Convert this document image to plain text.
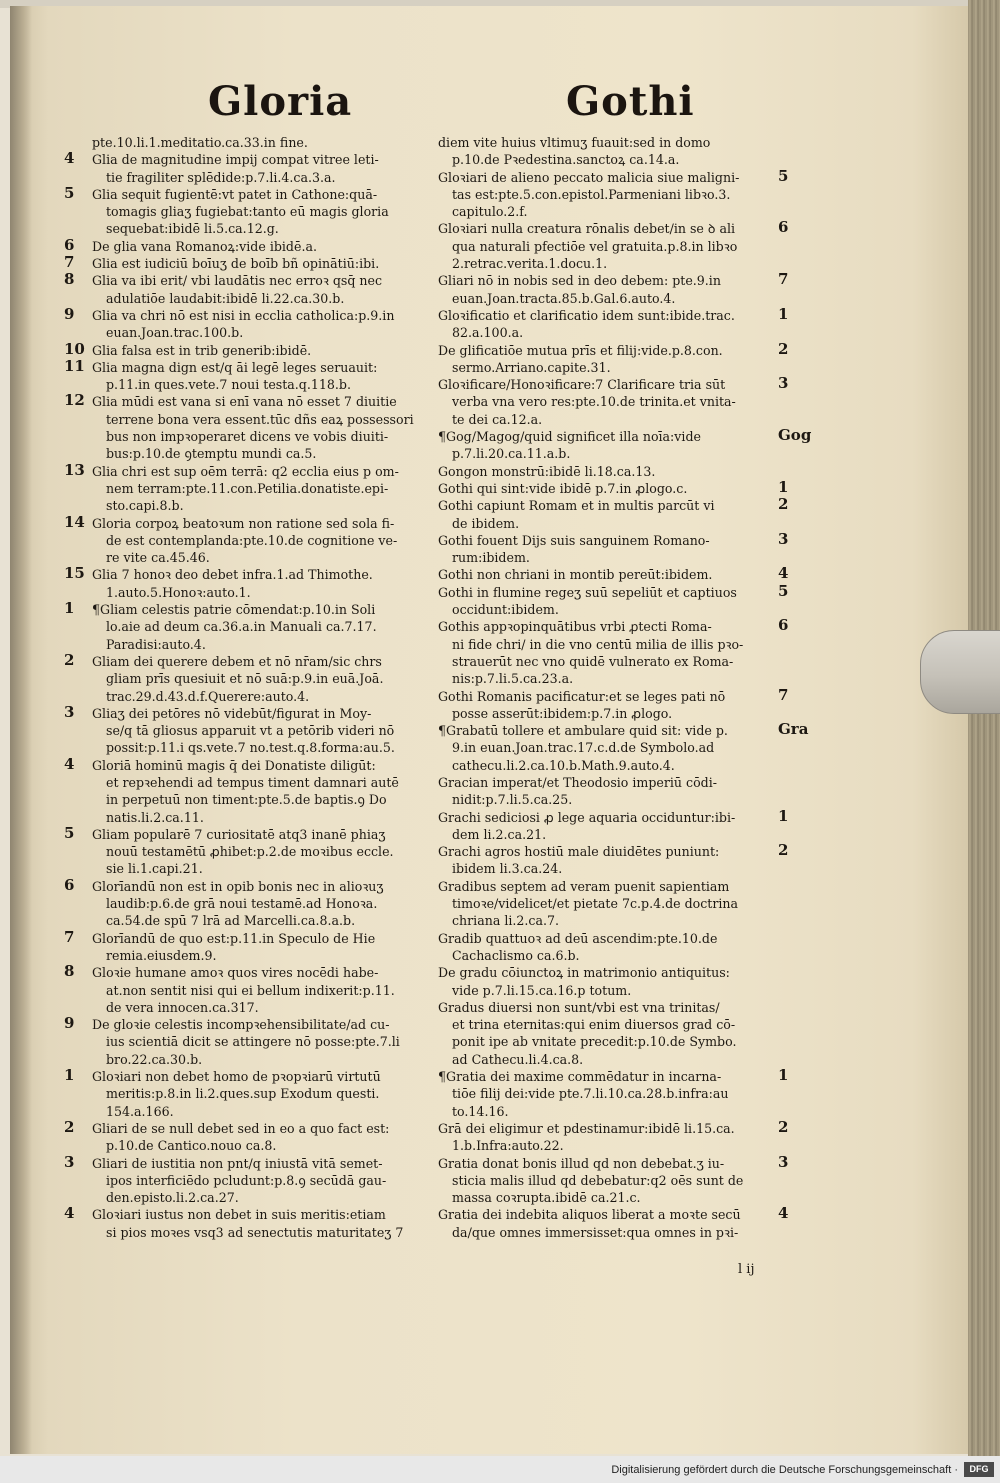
Gloria	Gothi
pte.10.li.1.meditatio.ca.33.in fine.
4 Glia de magnitudine impij compat vitree leti-
tie fragiliter splēdide:p.7.li.4.ca.3.a.
5 Glia sequit fugientē:vt patet in Cathone:quā-
tomagis gliaʒ fugiebat:tanto eū magis gloria
sequebat:ibidē li.5.ca.12.g.
6 De glia vana Romanoꝝ:vide ibidē.a.
7 Glia est iudiciū boīuʒ de boīb bñ opinātiū:ibi.
8 Glia va ibi erit/ vbi laudātis nec erroꝛ qsq̄ nec
adulatiōe laudabit:ibidē li.22.ca.30.b.
9 Glia va chri nō est nisi in ecclia catholica:p.9.in
euan.Joan.trac.100.b.
10 Glia falsa est in trib generib:ibidē.
11 Glia magna dign est/q āi legē leges seruauit:
p.11.in ques.vete.7 noui testa.q.118.b.
12 Glia mūdi est vana si enī vana nō esset 7 diuitie
terrene bona vera essent.tūc dñs eaꝝ possessori
bus non impꝛoperaret dicens ve vobis diuiti-
bus:p.10.de ꝯtemptu mundi ca.5.
13 Glia chri est sup oēm terrā: q2 ecclia eius p om-
nem terram:pte.11.con.Petilia.donatiste.epi-
sto.capi.8.b.
14 Gloria corpoꝝ beatoꝛum non ratione sed sola fi-
de est contemplanda:pte.10.de cognitione ve-
re vite ca.45.46.
15 Glia 7 honoꝛ deo debet infra.1.ad Thimothe.
1.auto.5.Honoꝛ:auto.1.
1 ¶Gliam celestis patrie cōmendat:p.10.in Soli
lo.aie ad deum ca.36.a.in Manuali ca.7.17.
Paradisi:auto.4.
2 Gliam dei querere debem et nō nr̄am/sic chrs
gliam prīs quesiuit et nō suā:p.9.in euā.Joā.
trac.29.d.43.d.f.Querere:auto.4.
3 Gliaʒ dei petōres nō videbūt/figurat in Moy-
se/q tā gliosus apparuit vt a petōrib videri nō
possit:p.11.i qs.vete.7 no.test.q.8.forma:au.5.
4 Gloriā hominū magis q̄ dei Donatiste diligūt:
et repꝛehendi ad tempus timent damnari autē
in perpetuū non timent:pte.5.de baptis.ꝯ Do
natis.li.2.ca.11.
5 Gliam popularē 7 curiositatē atq3 inanē phiaʒ
nouū testamētū ꝓhibet:p.2.de moꝛibus eccle.
sie li.1.capi.21.
6 Glorīandū non est in opib bonis nec in alioꝛuʒ
laudib:p.6.de grā noui testamē.ad Honoꝛa.
ca.54.de spū 7 lrā ad Marcelli.ca.8.a.b.
7 Glorīandū de quo est:p.11.in Speculo de Hie
remia.eiusdem.9.
8 Gloꝛie humane amoꝛ quos vires nocēdi habe-
at.non sentit nisi qui ei bellum indixerit:p.11.
de vera innocen.ca.317.
9 De gloꝛie celestis incompꝛehensibilitate/ad cu-
ius scientiā dicit se attingere nō posse:pte.7.li
bro.22.ca.30.b.
1 Gloꝛiari non debet homo de pꝛopꝛiarū virtutū
meritis:p.8.in li.2.ques.sup Exodum questi.
154.a.166.
2 Gliari de se null debet sed in eo a quo fact est:
p.10.de Cantico.nouo ca.8.
3 Gliari de iustitia non pnt/q iniustā vitā semet-
ipos interficiēdo pcludunt:p.8.ꝯ secūdā gau-
den.episto.li.2.ca.27.
4 Gloꝛiari iustus non debet in suis meritis:etiam
si pios moꝛes vsq3 ad senectutis maturitateʒ 7
diem vite huius vltimuʒ fuauit:sed in domo
p.10.de Pꝛedestina.sanctoꝝ ca.14.a.
5
Gloꝛiari de alieno peccato malicia siue maligni-
tas est:pte.5.con.epistol.Parmeniani libꝛo.3.
capitulo.2.f.
6
Gloꝛiari nulla creatura rōnalis debet/in se ꝺ ali
qua naturali pfectiōe vel gratuita.p.8.in libꝛo
2.retrac.verita.1.docu.1.
7
Gliari nō in nobis sed in deo debem: pte.9.in
euan.Joan.tracta.85.b.Gal.6.auto.4.
1
Gloꝛificatio et clarificatio idem sunt:ibide.trac.
82.a.100.a.
2
De glificatiōe mutua prīs et filij:vide.p.8.con.
sermo.Arriano.capite.31.
3
Gloꝛificare/Honoꝛificare:7 Clarificare tria sūt
verba vna vero res:pte.10.de trinita.et vnita-
te dei ca.12.a.
Gog
¶Gog/Magog/quid significet illa noīa:vide
p.7.li.20.ca.11.a.b.
Gongon monstrū:ibidē li.18.ca.13.
1
Gothi qui sint:vide ibidē p.7.in ꝓlogo.c.
2
Gothi capiunt Romam et in multis parcūt vi
de ibidem.
3
Gothi fouent Dijs suis sanguinem Romano-
rum:ibidem.
4
Gothi non chriani in montib pereūt:ibidem.
5
Gothi in flumine regeʒ suū sepeliūt et captiuos
occidunt:ibidem.
6
Gothis appꝛopinquātibus vrbi ꝓtecti Roma-
ni fide chri/ in die vno centū milia de illis pꝛo-
strauerūt nec vno quidē vulnerato ex Roma-
nis:p.7.li.5.ca.23.a.
7
Gothi Romanis pacificatur:et se leges pati nō
posse asserūt:ibidem:p.7.in ꝓlogo.
Gra
¶Grabatū tollere et ambulare quid sit: vide p.
9.in euan.Joan.trac.17.c.d.de Symbolo.ad
cathecu.li.2.ca.10.b.Math.9.auto.4.
Gracian imperat/et Theodosio imperiū cōdi-
nidit:p.7.li.5.ca.25.
1
Grachi sediciosi ꝓ lege aquaria occiduntur:ibi-
dem li.2.ca.21.
2
Grachi agros hostiū male diuidētes puniunt:
ibidem li.3.ca.24.
Gradibus septem ad veram puenit sapientiam
timoꝛe/videlicet/et pietate 7c.p.4.de doctrina
chriana li.2.ca.7.
Gradib quattuoꝛ ad deū ascendim:pte.10.de
Cachaclismo ca.6.b.
De gradu cōiunctoꝝ in matrimonio antiquitus:
vide p.7.li.15.ca.16.p totum.
Gradus diuersi non sunt/vbi est vna trinitas/
et trina eternitas:qui enim diuersos grad cō-
ponit ipe ab vnitate precedit:p.10.de Symbo.
ad Cathecu.li.4.ca.8.
1
¶Gratia dei maxime commēdatur in incarna-
tiōe filij dei:vide pte.7.li.10.ca.28.b.infra:au
to.14.16.
2
Grā dei eligimur et pdestinamur:ibidē li.15.ca.
1.b.Infra:auto.22.
3
Gratia donat bonis illud qd non debebat.ʒ iu-
sticia malis illud qd debebatur:q2 oēs sunt de
massa coꝛrupta.ibidē ca.21.c.
4
Gratia dei indebita aliquos liberat a moꝛte secū
da/que omnes immersisset:qua omnes in pꝛi-
l ij
Digitalisierung gefördert durch die Deutsche Forschungsgemeinschaft ·	DFG
